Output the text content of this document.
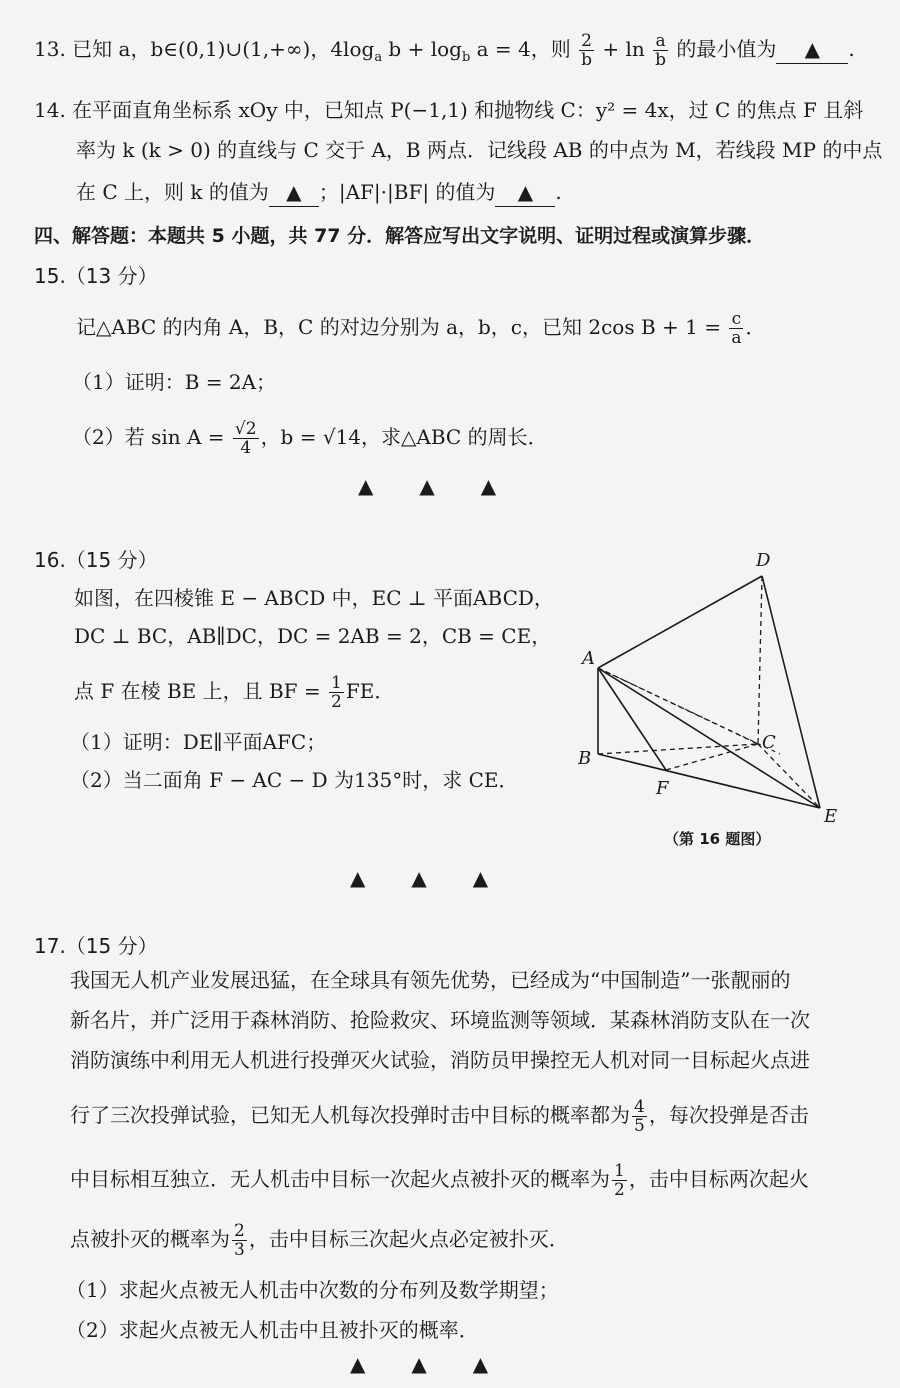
13. 已知 a，b∈(0,1)∪(1,+∞)，$4\log_a$ $b + \log_b a = 4$，则 $\frac{2}{b} + \ln \frac{a}{b}$ 的最小值为 ▲ .
14. 在平面直角坐标系 xOy 中，已知点 P(−1,1) 和抛物线 C：y² = 4x，过 C 的焦点 F 且斜
率为 k (k > 0) 的直线与 C 交于 A，B 两点．记线段 AB 的中点为 M，若线段 MP 的中点
在 C 上，则 k 的值为 ▲ ；|AF|·|BF| 的值为 ▲ .
四、解答题：本题共 5 小题，共 77 分．解答应写出文字说明、证明过程或演算步骤．
15.（13 分）
记△ABC 的内角 A，B，C 的对边分别为 a，b，c，已知 2cos $B + 1 = \frac{c}{a}$ ．
（1）证明：B = 2A；
（2）若 $\sin A = \frac{√2}{4}$ ，b = √14，求△ABC 的周长．
▲▲▲
16.（15 分）
如图，在四棱锥 E − ABCD 中，EC ⊥ 平面ABCD，
DC ⊥ BC，AB∥DC，DC = 2AB = 2，CB = CE，
点 F 在棱 BE 上，且 BF = $\frac{1}{2}$ FE．
（1）证明：DE∥平面AFC；
（2）当二面角 F − AC − D 为135°时，求 CE．
D
A
C
B
F
E
（第 16 题图）
▲▲▲
17.（15 分）
我国无人机产业发展迅猛，在全球具有领先优势，已经成为“中国制造”一张靓丽的
新名片，并广泛用于森林消防、抢险救灾、环境监测等领域．某森林消防支队在一次
消防演练中利用无人机进行投弹灭火试验，消防员甲操控无人机对同一目标起火点进
行了三次投弹试验，已知无人机每次投弹时击中目标的概率都为 $\frac{4}{5}$ ，每次投弹是否击
中目标相互独立．无人机击中目标一次起火点被扑灭的概率为 $\frac{1}{2}$ ，击中目标两次起火
点被扑灭的概率为 $\frac{2}{3}$ ，击中目标三次起火点必定被扑灭．
（1）求起火点被无人机击中次数的分布列及数学期望；
（2）求起火点被无人机击中且被扑灭的概率．
▲▲▲
